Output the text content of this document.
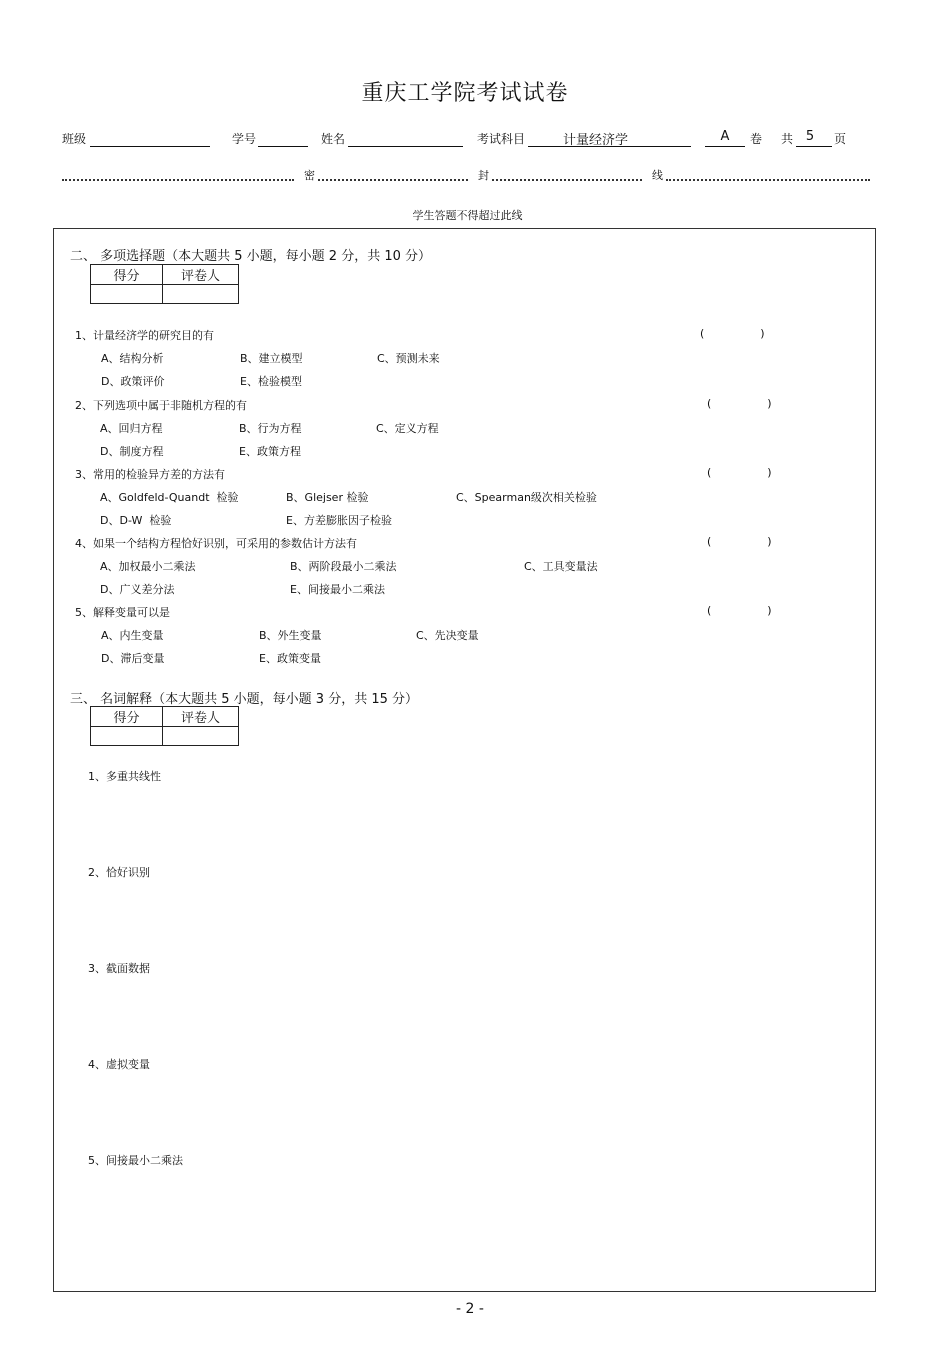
重庆工学院考试试卷
班级	学号	姓名	考试科目	计量经济学	A	卷 共 5	页
密	封	线
学生答题不得超过此线
二、 多项选择题（本大题共 5 小题，每小题 2 分，共 10 分）
得分	评卷人

1、计量经济学的研究目的有	(                )
A、结构分析	B、建立模型	C、预测未来
D、政策评价	E、检验模型
2、下列选项中属于非随机方程的有	(                )
A、回归方程	B、行为方程	C、定义方程
D、制度方程	E、政策方程
3、常用的检验异方差的方法有	(                )
A、Goldfeld-Quandt  检验	B、Glejser 检验	C、Spearman级次相关检验
D、D-W  检验	E、方差膨胀因子检验
4、如果一个结构方程恰好识别，可采用的参数估计方法有	(                )
A、加权最小二乘法	B、两阶段最小二乘法	C、工具变量法
D、广义差分法	E、间接最小二乘法
5、解释变量可以是	(                )
A、内生变量	B、外生变量	C、先决变量
D、滞后变量	E、政策变量
三、 名词解释（本大题共 5 小题，每小题 3 分，共 15 分）
得分	评卷人

1、多重共线性
2、恰好识别
3、截面数据
4、虚拟变量
5、间接最小二乘法
- 2 -
